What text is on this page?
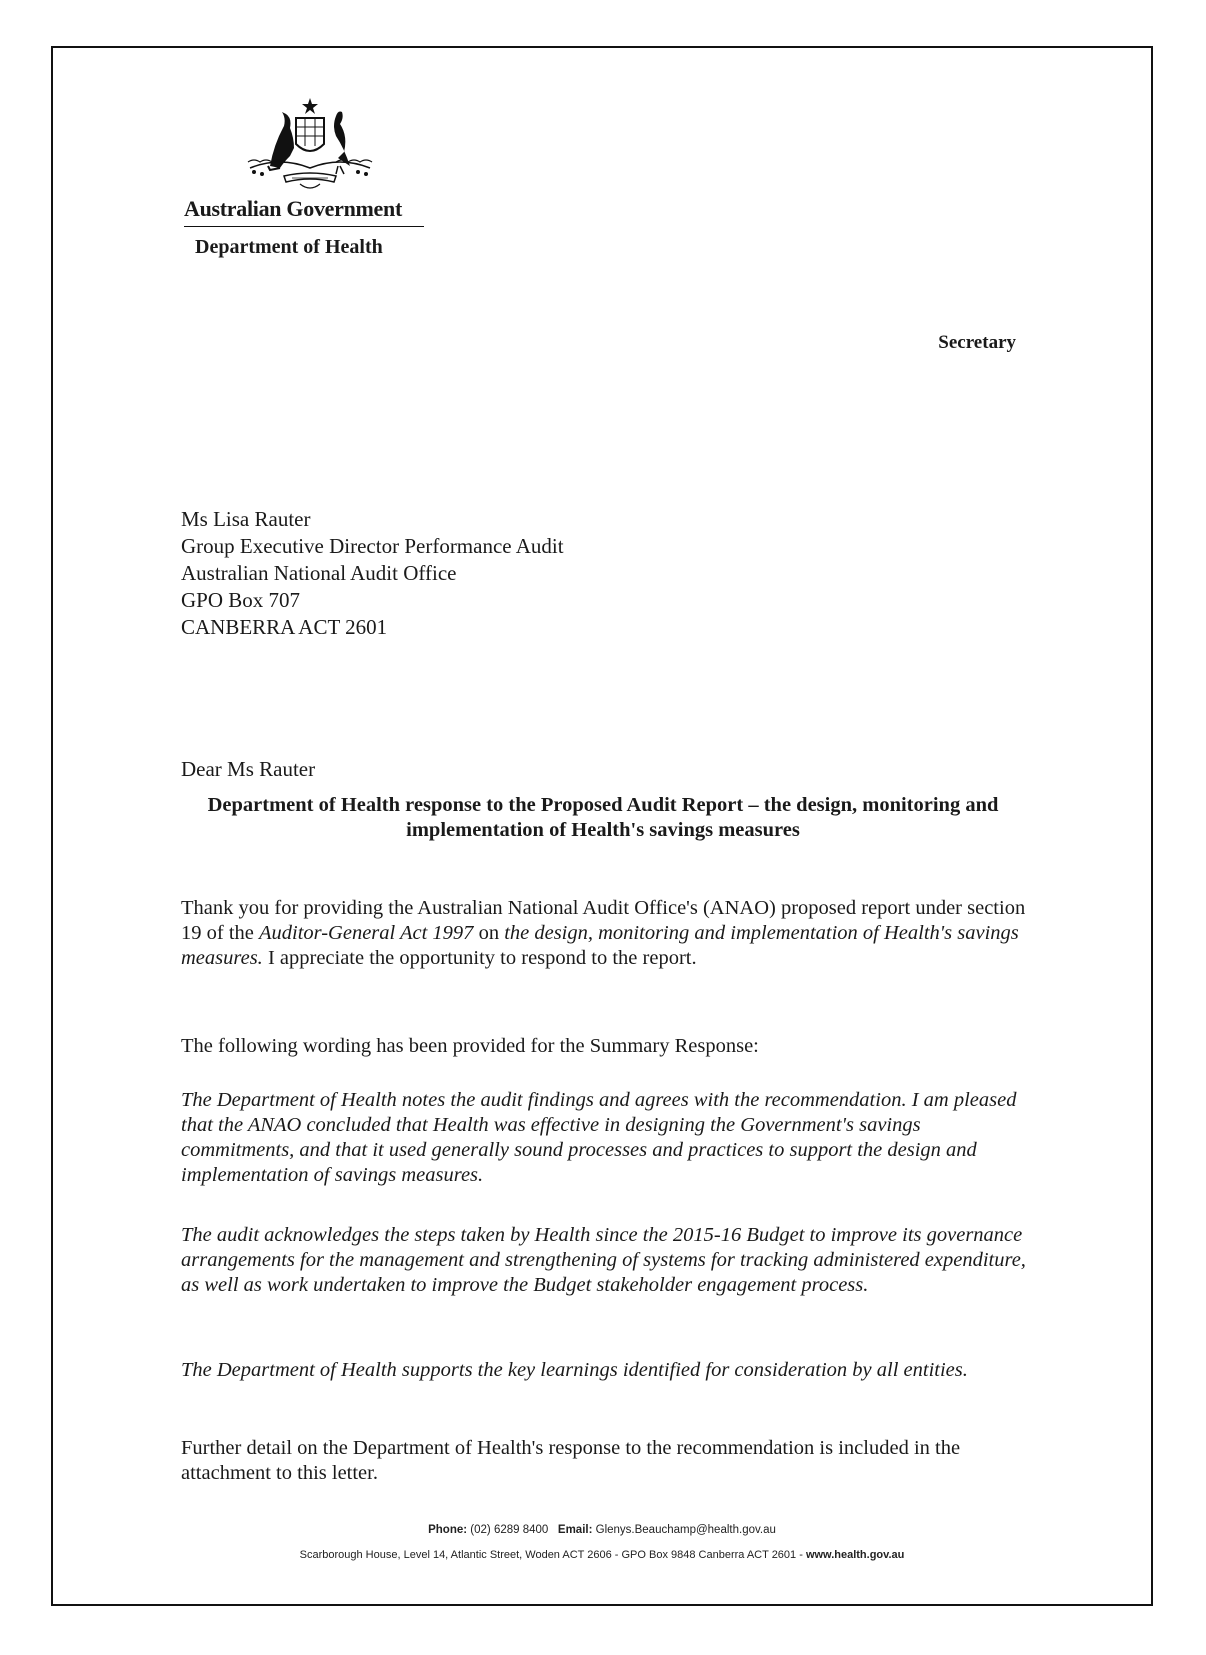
Australian Government
Department of Health
Secretary
Ms Lisa Rauter
Group Executive Director Performance Audit
Australian National Audit Office
GPO Box 707
CANBERRA ACT 2601
Dear Ms Rauter
Department of Health response to the Proposed Audit Report – the design, monitoring and implementation of Health's savings measures
Thank you for providing the Australian National Audit Office's (ANAO) proposed report under section 19 of the Auditor-General Act 1997 on the design, monitoring and implementation of Health's savings measures. I appreciate the opportunity to respond to the report.
The following wording has been provided for the Summary Response:
The Department of Health notes the audit findings and agrees with the recommendation. I am pleased that the ANAO concluded that Health was effective in designing the Government's savings commitments, and that it used generally sound processes and practices to support the design and implementation of savings measures.
The audit acknowledges the steps taken by Health since the 2015-16 Budget to improve its governance arrangements for the management and strengthening of systems for tracking administered expenditure, as well as work undertaken to improve the Budget stakeholder engagement process.
The Department of Health supports the key learnings identified for consideration by all entities.
Further detail on the Department of Health's response to the recommendation is included in the attachment to this letter.
Phone: (02) 6289 8400 Email: Glenys.Beauchamp@health.gov.au
Scarborough House, Level 14, Atlantic Street, Woden ACT 2606 - GPO Box 9848 Canberra ACT 2601 - www.health.gov.au
